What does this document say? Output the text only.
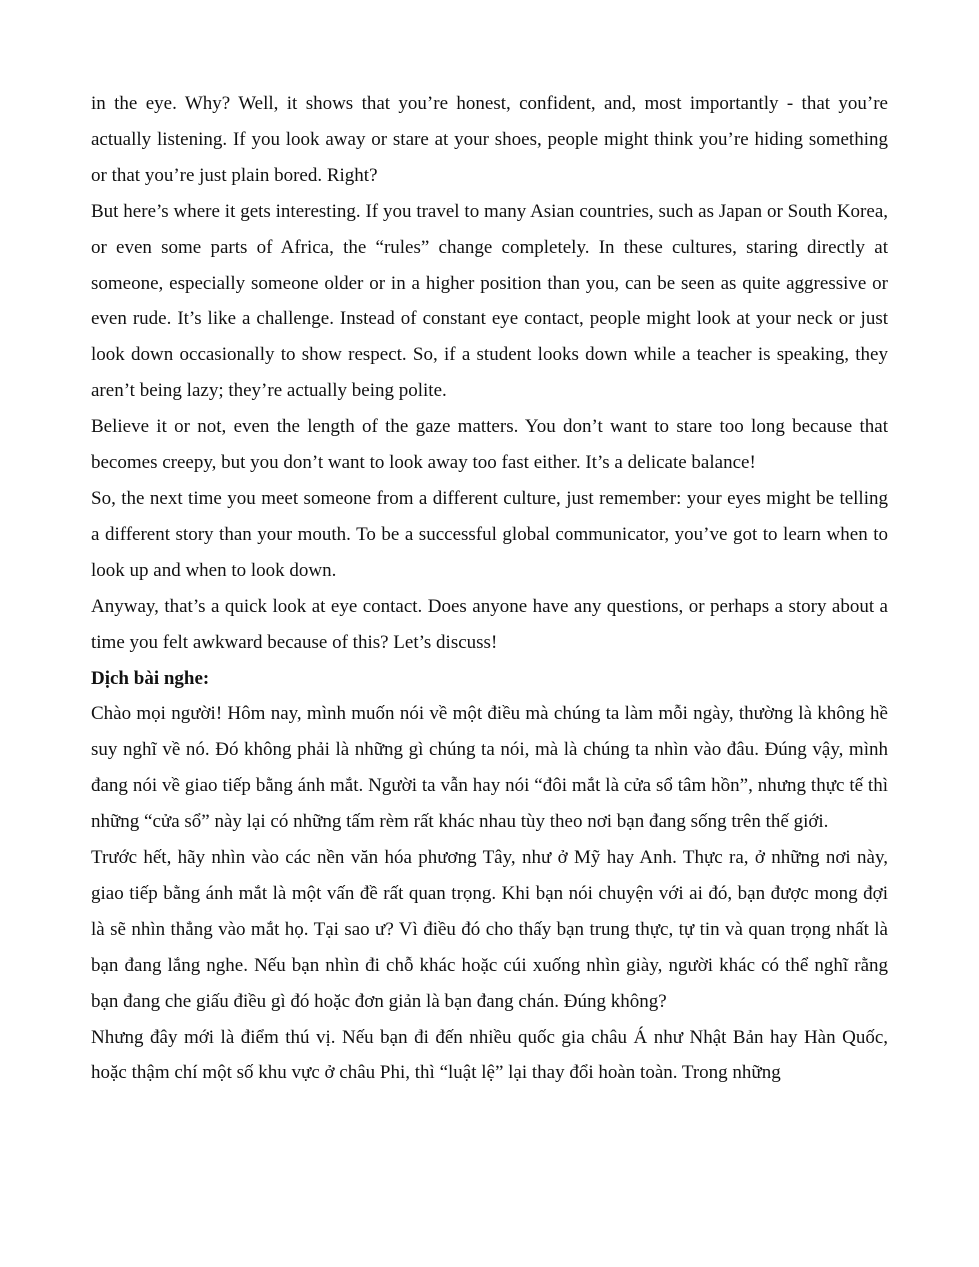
in the eye. Why? Well, it shows that you’re honest, confident, and, most importantly - that you’re actually listening. If you look away or stare at your shoes, people might think you’re hiding something or that you’re just plain bored. Right?

But here’s where it gets interesting. If you travel to many Asian countries, such as Japan or South Korea, or even some parts of Africa, the “rules” change completely. In these cultures, staring directly at someone, especially someone older or in a higher position than you, can be seen as quite aggressive or even rude. It’s like a challenge. Instead of constant eye contact, people might look at your neck or just look down occasionally to show respect. So, if a student looks down while a teacher is speaking, they aren’t being lazy; they’re actually being polite.

Believe it or not, even the length of the gaze matters. You don’t want to stare too long because that becomes creepy, but you don’t want to look away too fast either. It’s a delicate balance!

So, the next time you meet someone from a different culture, just remember: your eyes might be telling a different story than your mouth. To be a successful global communicator, you’ve got to learn when to look up and when to look down.

Anyway, that’s a quick look at eye contact. Does anyone have any questions, or perhaps a story about a time you felt awkward because of this? Let’s discuss!

Dịch bài nghe:

Chào mọi người! Hôm nay, mình muốn nói về một điều mà chúng ta làm mỗi ngày, thường là không hề suy nghĩ về nó. Đó không phải là những gì chúng ta nói, mà là chúng ta nhìn vào đâu. Đúng vậy, mình đang nói về giao tiếp bằng ánh mắt. Người ta vẫn hay nói “đôi mắt là cửa sổ tâm hồn”, nhưng thực tế thì những “cửa sổ” này lại có những tấm rèm rất khác nhau tùy theo nơi bạn đang sống trên thế giới.

Trước hết, hãy nhìn vào các nền văn hóa phương Tây, như ở Mỹ hay Anh. Thực ra, ở những nơi này, giao tiếp bằng ánh mắt là một vấn đề rất quan trọng. Khi bạn nói chuyện với ai đó, bạn được mong đợi là sẽ nhìn thẳng vào mắt họ. Tại sao ư? Vì điều đó cho thấy bạn trung thực, tự tin và quan trọng nhất là bạn đang lắng nghe. Nếu bạn nhìn đi chỗ khác hoặc cúi xuống nhìn giày, người khác có thể nghĩ rằng bạn đang che giấu điều gì đó hoặc đơn giản là bạn đang chán. Đúng không?

Nhưng đây mới là điểm thú vị. Nếu bạn đi đến nhiều quốc gia châu Á như Nhật Bản hay Hàn Quốc, hoặc thậm chí một số khu vực ở châu Phi, thì “luật lệ” lại thay đổi hoàn toàn. Trong những
